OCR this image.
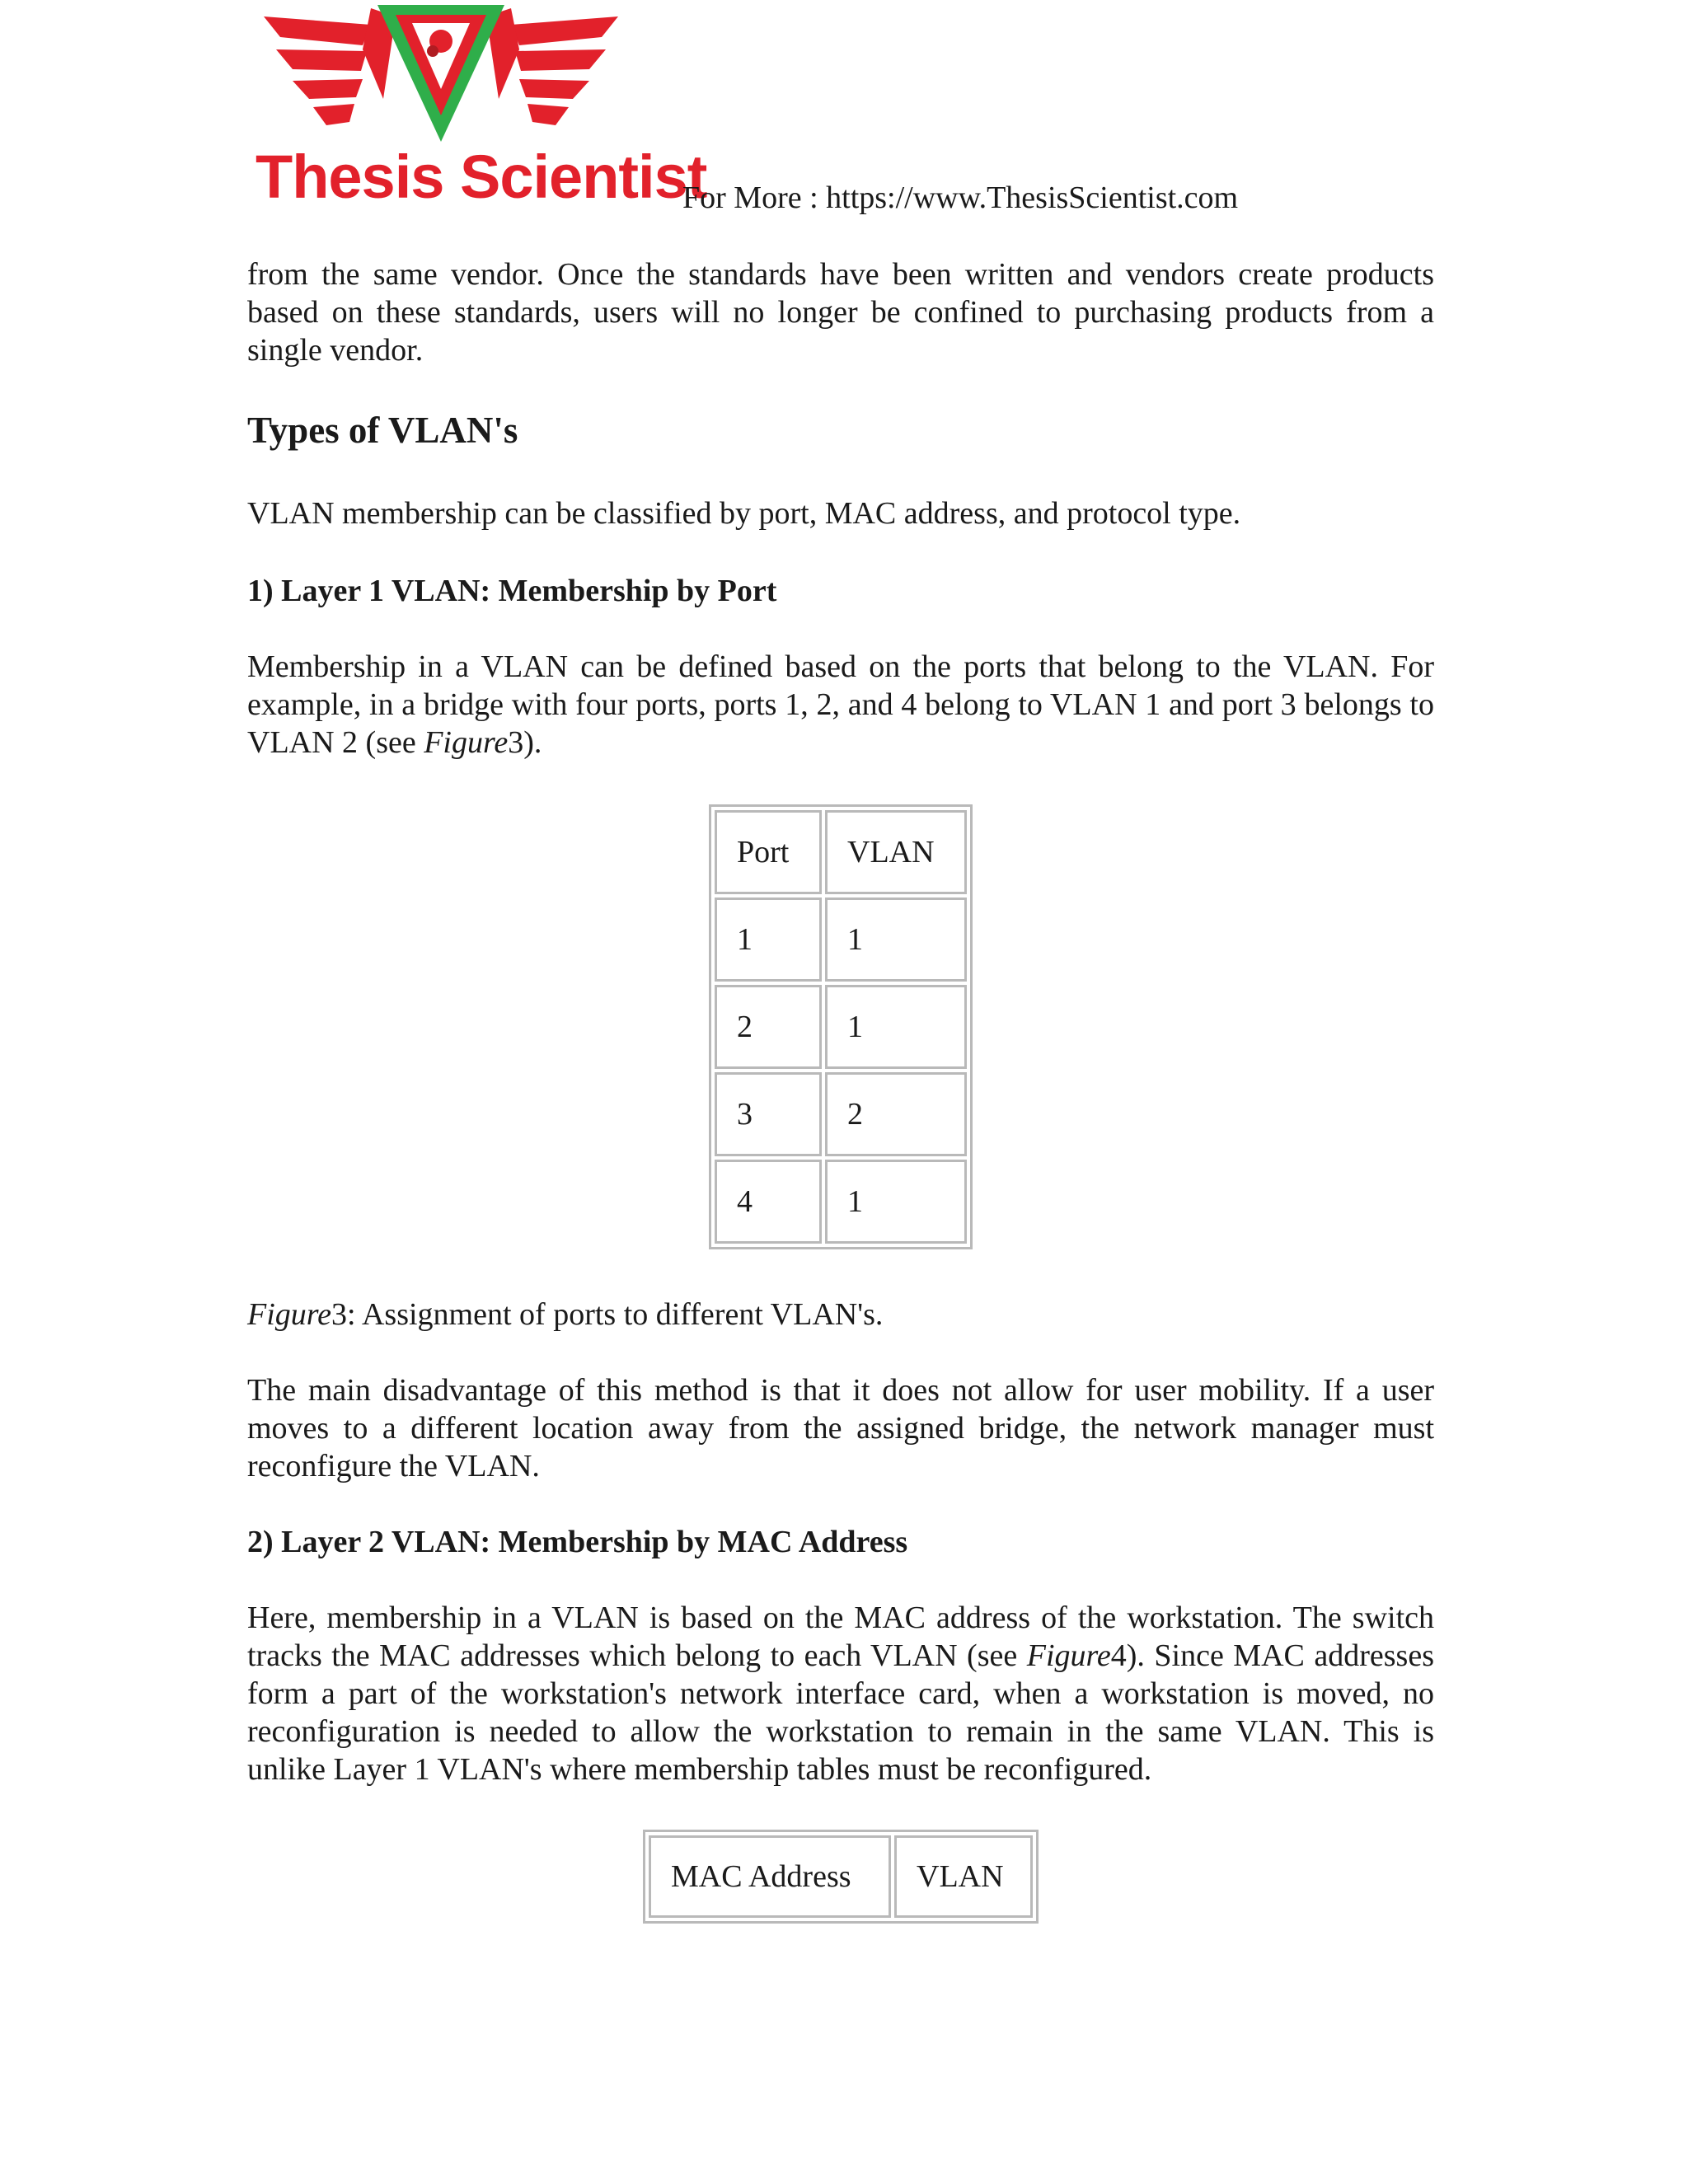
Thesis Scientist
For More : https://www.ThesisScientist.com

from the same vendor. Once the standards have been written and vendors create products based on these standards, users will no longer be confined to purchasing products from a single vendor.

Types of VLAN's

VLAN membership can be classified by port, MAC address, and protocol type.

1) Layer 1 VLAN: Membership by Port

Membership in a VLAN can be defined based on the ports that belong to the VLAN. For example, in a bridge with four ports, ports 1, 2, and 4 belong to VLAN 1 and port 3 belongs to VLAN 2 (see Figure3).

Port	VLAN
1	1
2	1
3	2
4	1

Figure3: Assignment of ports to different VLAN's.

The main disadvantage of this method is that it does not allow for user mobility. If a user moves to a different location away from the assigned bridge, the network manager must reconfigure the VLAN.

2) Layer 2 VLAN: Membership by MAC Address

Here, membership in a VLAN is based on the MAC address of the workstation. The switch tracks the MAC addresses which belong to each VLAN (see Figure4). Since MAC addresses form a part of the workstation's network interface card, when a workstation is moved, no reconfiguration is needed to allow the workstation to remain in the same VLAN. This is unlike Layer 1 VLAN's where membership tables must be reconfigured.

MAC Address	VLAN
